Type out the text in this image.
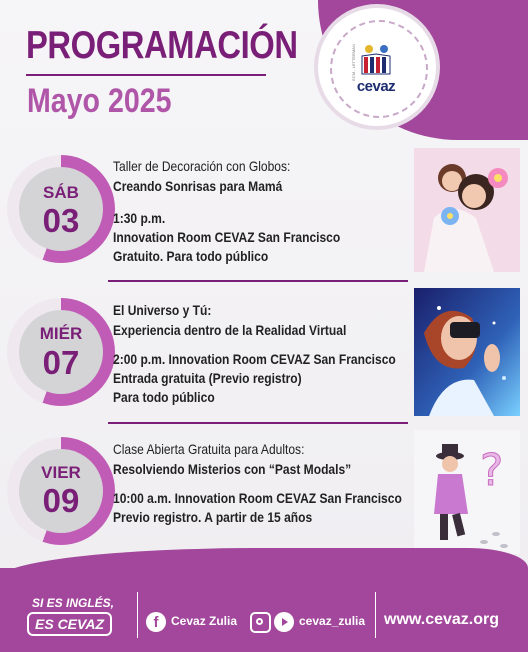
ECM - LETTERMAN
cevaz
PROGRAMACIÓN
Mayo 2025
SÁB
03
Taller de Decoración con Globos:
Creando Sonrisas para Mamá
1:30 p.m.
Innovation Room CEVAZ San Francisco
Gratuito. Para todo público
MIÉR
07
El Universo y Tú:
Experiencia dentro de la Realidad Virtual
2:00 p.m. Innovation Room CEVAZ San Francisco
Entrada gratuita (Previo registro)
Para todo público
VIER
09
Clase Abierta Gratuita para Adultos:
Resolviendo Misterios con “Past Modals”
10:00 a.m. Innovation Room CEVAZ San Francisco
Previo registro. A partir de 15 años
?
SI ES INGLÉS,
ES CEVAZ	f	Cevaz Zulia	cevaz_zulia www.cevaz.org
